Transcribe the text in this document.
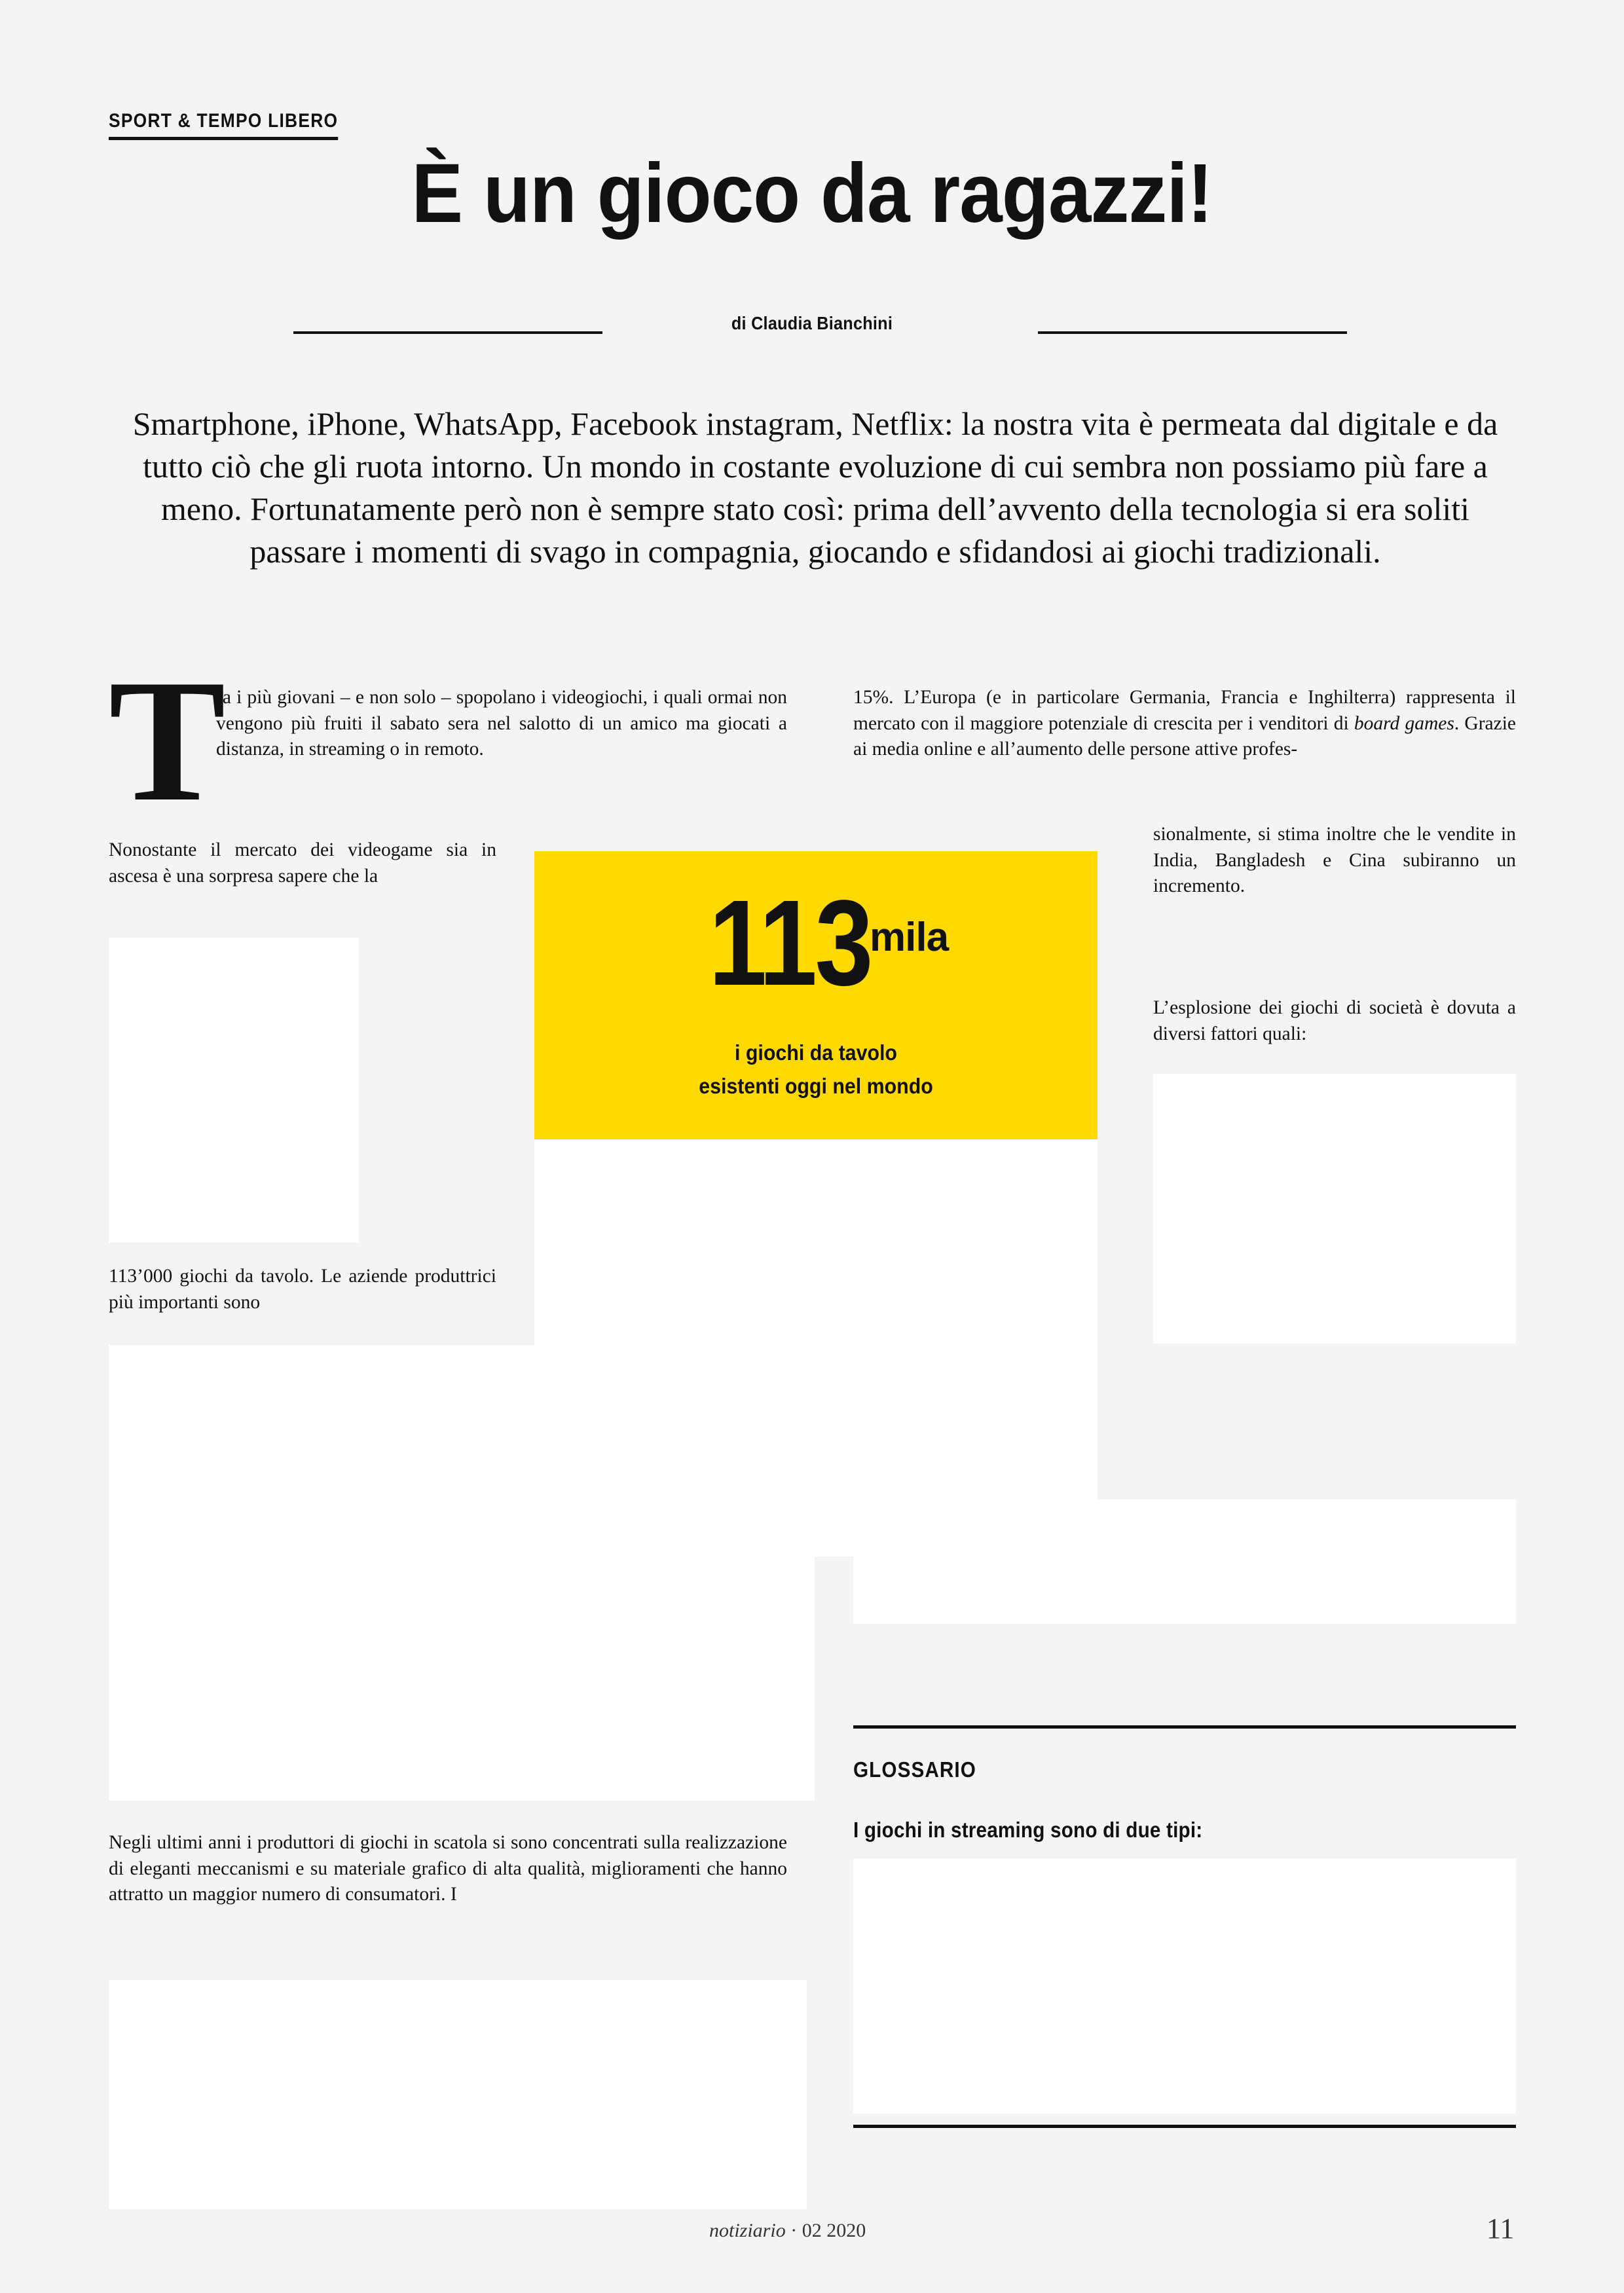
SPORT & TEMPO LIBERO
È un gioco da ragazzi!
di Claudia Bianchini
Smartphone, iPhone, WhatsApp, Facebook instagram, Netflix: la nostra vita è permeata dal digitale e da tutto ciò che gli ruota intorno. Un mondo in costante evoluzione di cui sembra non possiamo più fare a meno. Fortunatamente però non è sempre stato così: prima dell’avvento della tecnologia si era soliti passare i momenti di svago in compagnia, giocando e sfidandosi ai giochi tradizionali.
T

ra i più giovani – e non solo – spopolano i videogiochi, i quali ormai non vengono più fruiti il sabato sera nel salotto di un amico ma giocati a distanza, in streaming o in remoto.

Nonostante il mercato dei videogame sia in ascesa è una sorpresa sapere che la

113’000 giochi da tavolo. Le aziende produttrici più importanti sono

Negli ultimi anni i produttori di giochi in scatola si sono concentrati sulla realizzazione di eleganti meccanismi e su materiale grafico di alta qualità, miglioramenti che hanno attratto un maggior numero di consumatori. I

15%. L’Europa (e in particolare Germania, Francia e Inghilterra) rappresenta il mercato con il maggiore potenziale di crescita per i venditori di board games. Grazie ai media online e all’aumento delle persone attive profes-

sionalmente, si stima inoltre che le vendite in India, Bangladesh e Cina subiranno un incremento.

L’esplosione dei giochi di società è dovuta a diversi fattori quali:

113mila
i giochi da tavolo
esistenti oggi nel mondo
GLOSSARIO
I giochi in streaming sono di due tipi:
notiziario · 02 2020	11
